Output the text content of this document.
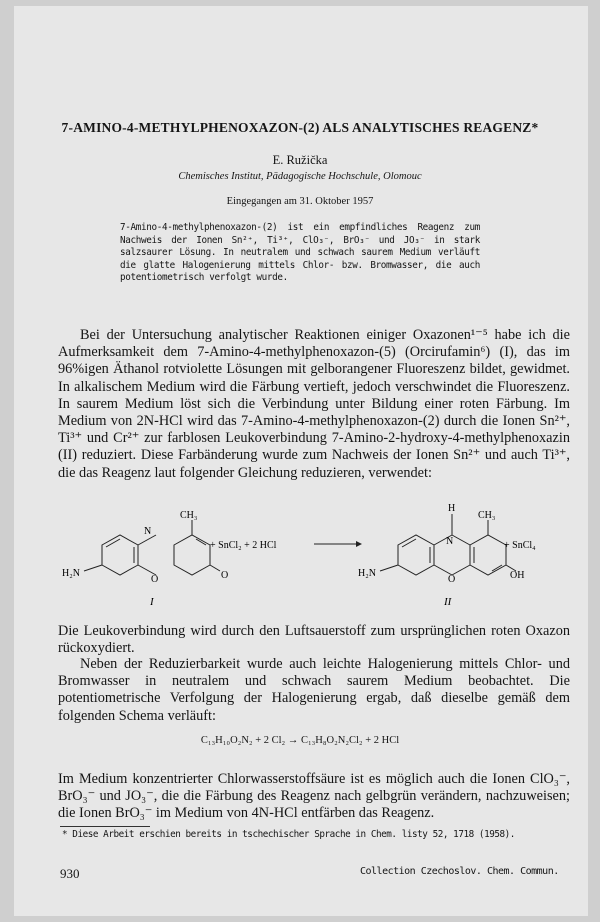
7-AMINO-4-METHYLPHENOXAZON-(2) ALS ANALYTISCHES REAGENZ*
E. Ružička
Chemisches Institut, Pädagogische Hochschule, Olomouc
Eingegangen am 31. Oktober 1957
7-Amino-4-methylphenoxazon-(2) ist ein empfindliches Reagenz zum Nachweis der Ionen Sn²⁺, Ti³⁺, ClO₃⁻, BrO₃⁻ und JO₃⁻ in stark salzsaurer Lösung. In neutralem und schwach saurem Medium verläuft die glatte Halogenierung mittels Chlor- bzw. Bromwasser, die auch potentiometrisch verfolgt wurde.
Bei der Untersuchung analytischer Reaktionen einiger Oxazonen¹⁻⁵ habe ich die Aufmerksamkeit dem 7-Amino-4-methylphenoxazon-(5) (Orcirufamin⁶) (I), das im 96%igen Äthanol rotviolette Lösungen mit gelborangener Fluoreszenz bildet, gewidmet. In alkalischem Medium wird die Färbung vertieft, jedoch verschwindet die Fluoreszenz. In saurem Medium löst sich die Verbindung unter Bildung einer roten Färbung. Im Medium von 2N-HCl wird das 7-Amino-4-methylphenoxazon-(2) durch die Ionen Sn²⁺, Ti³⁺ und Cr²⁺ zur farblosen Leukoverbindung 7-Amino-2-hydroxy-4-methylphenoxazin (II) reduziert. Diese Farbänderung wurde zum Nachweis der Ionen Sn²⁺ und auch Ti³⁺, die das Reagenz laut folgender Gleichung reduzieren, verwendet:
CH₃
N
O	O
H₂N
I
+ SnCl₂ + 2 HCl
H
N
O
CH₃
OH
H₂N
II
+ SnCl₄
Die Leukoverbindung wird durch den Luftsauerstoff zum ursprünglichen roten Oxazon rückoxydiert.
Neben der Reduzierbarkeit wurde auch leichte Halogenierung mittels Chlor- und Bromwasser in neutralem und schwach saurem Medium beobachtet. Die potentiometrische Verfolgung der Halogenierung ergab, daß dieselbe gemäß dem folgenden Schema verläuft:
C₁₃H₁₀O₂N₂ + 2 Cl₂ → C₁₃H₈O₂N₂Cl₂ + 2 HCl
Im Medium konzentrierter Chlorwasserstoffsäure ist es möglich auch die Ionen ClO₃⁻, BrO₃⁻ und JO₃⁻, die die Färbung des Reagenz nach gelbgrün verändern, nachzuweisen; die Ionen BrO₃⁻ im Medium von 4N-HCl entfärben das Reagenz.
* Diese Arbeit erschien bereits in tschechischer Sprache in Chem. listy 52, 1718 (1958).
930	Collection Czechoslov. Chem. Commun.
